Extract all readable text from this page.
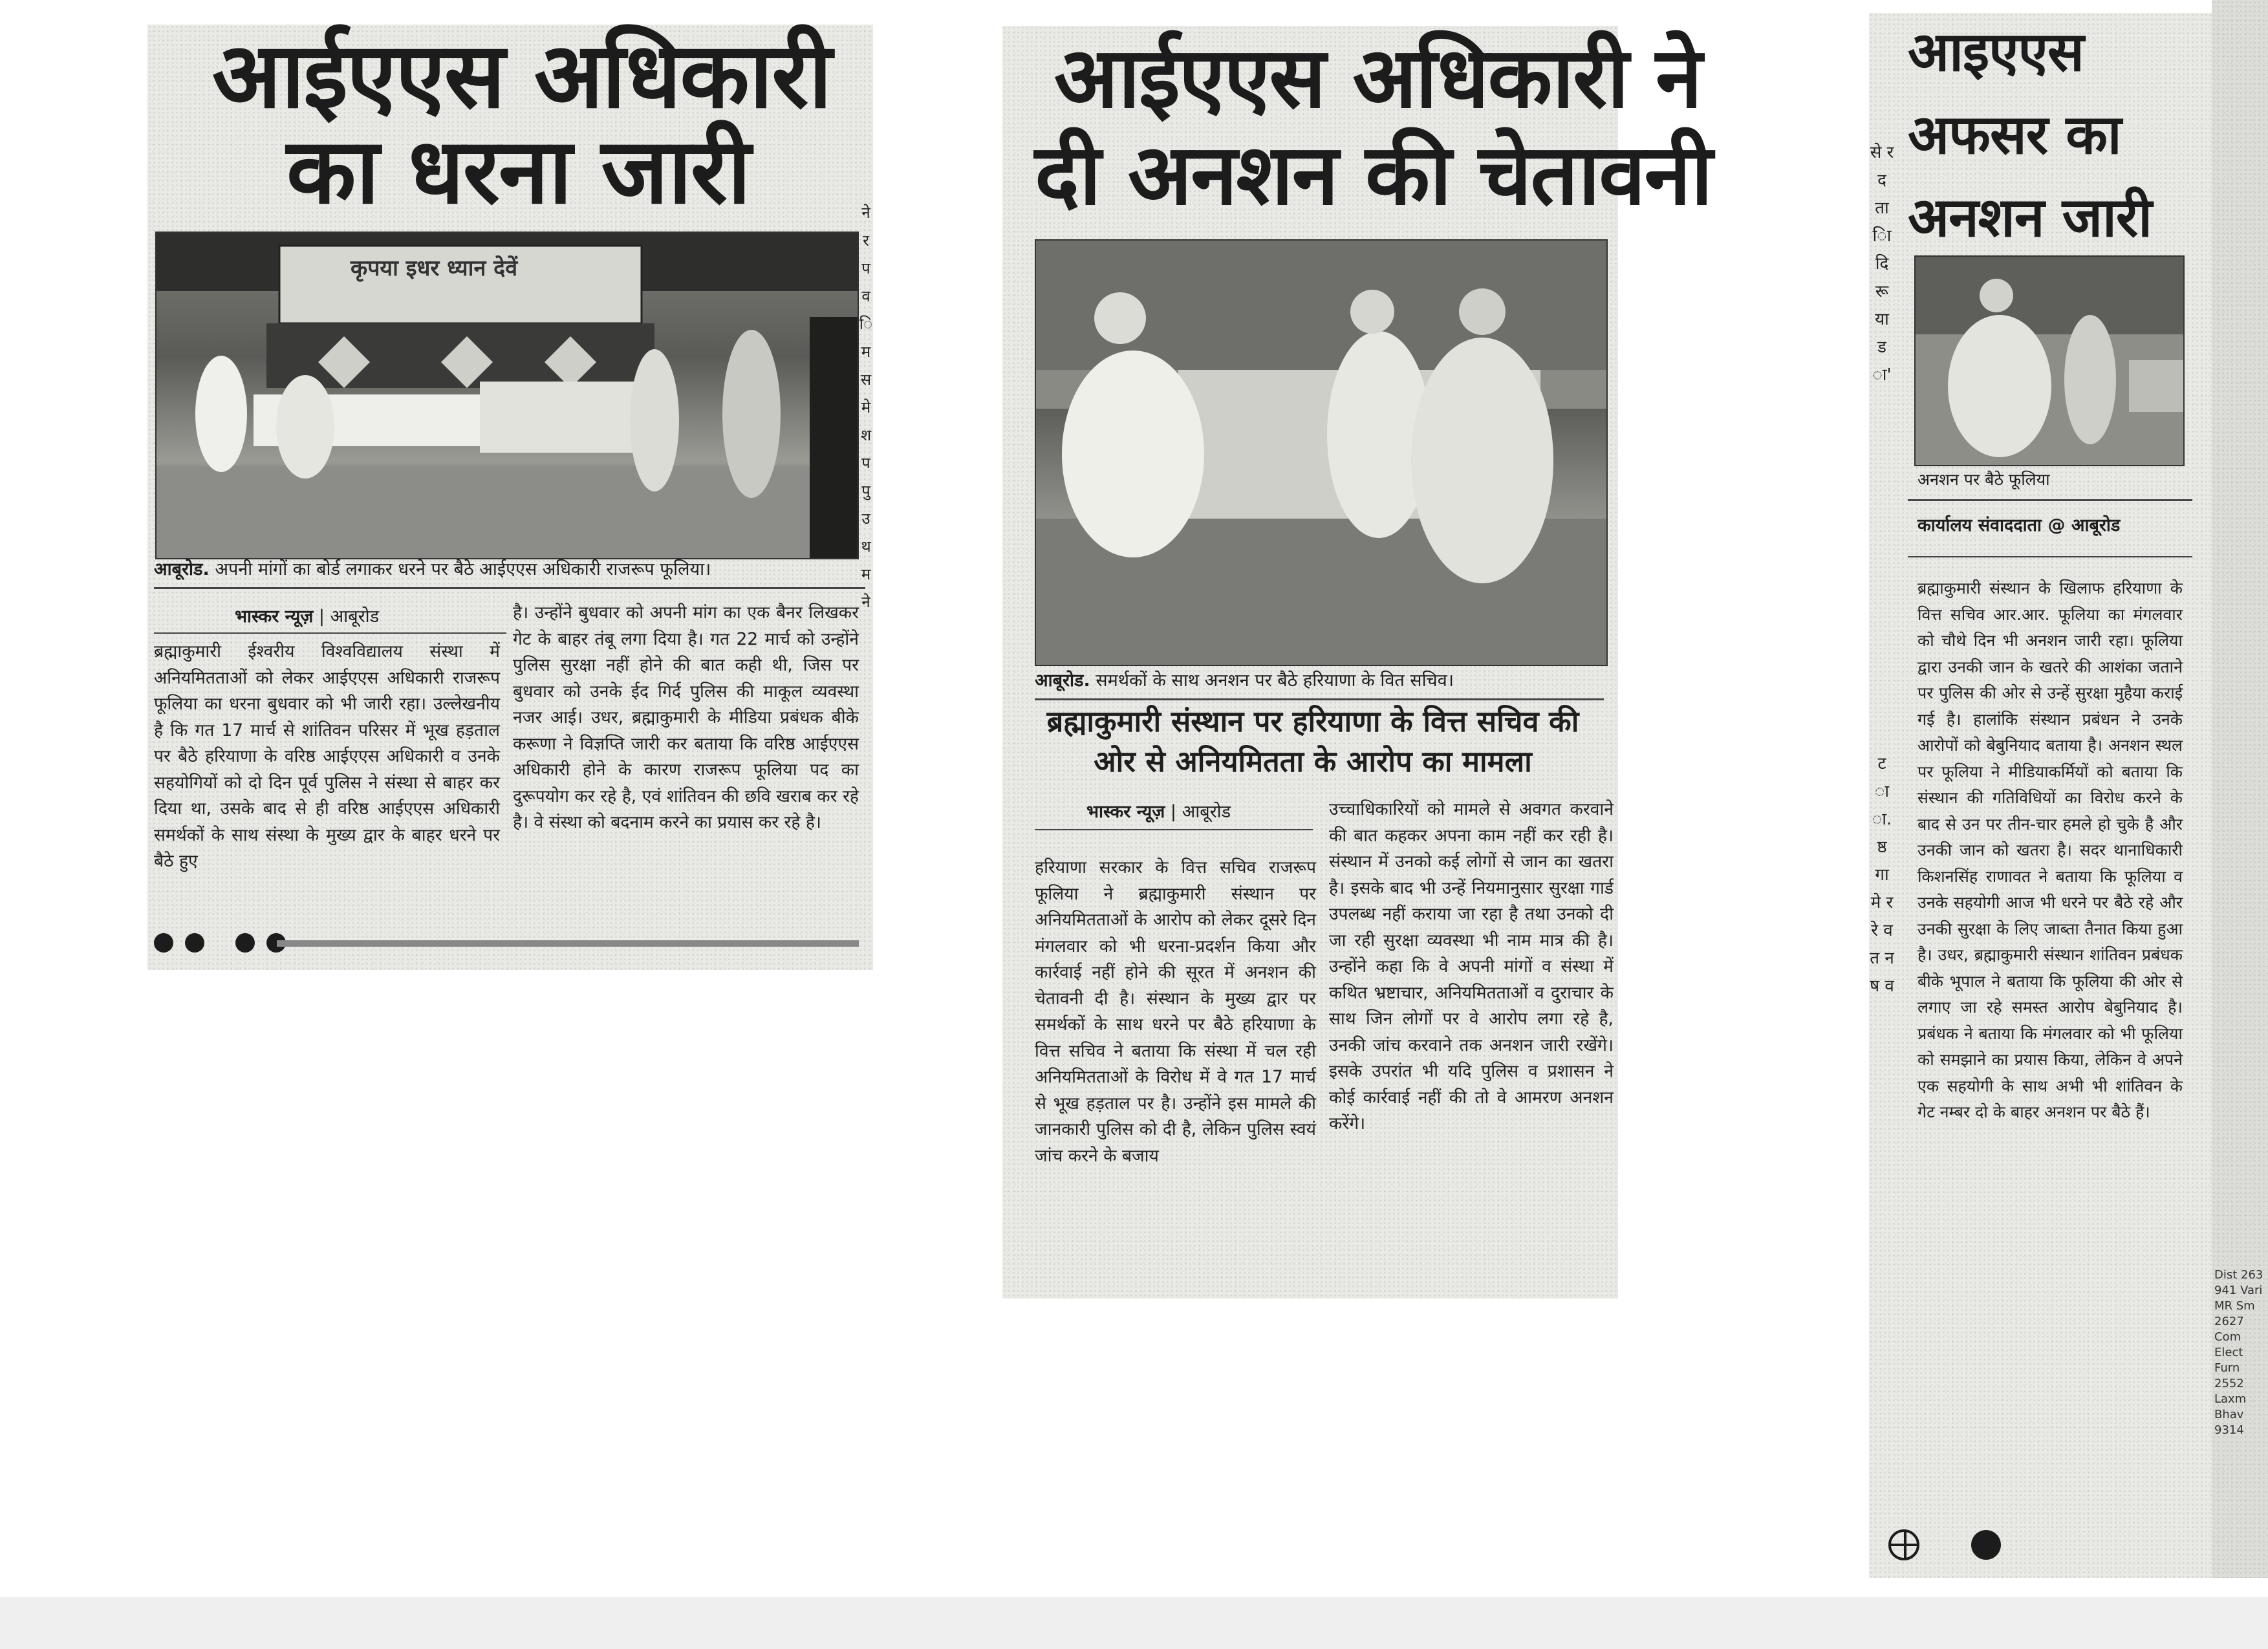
आईएएस अधिकारी
का धरना जारी
कृपया इधर ध्यान देवें
आबूरोड. अपनी मांगों का बोर्ड लगाकर धरने पर बैठे आईएएस अधिकारी राजरूप फूलिया।
भास्कर न्यूज़ | आबूरोड

ब्रह्माकुमारी ईश्वरीय विश्वविद्यालय संस्था में अनियमितताओं को लेकर आईएएस अधिकारी राजरूप फूलिया का धरना बुधवार को भी जारी रहा। उल्लेखनीय है कि गत 17 मार्च से शांतिवन परिसर में भूख हड़ताल पर बैठे हरियाणा के वरिष्ठ आईएएस अधिकारी व उनके सहयोगियों को दो दिन पूर्व पुलिस ने संस्था से बाहर कर दिया था, उसके बाद से ही वरिष्ठ आईएएस अधिकारी समर्थकों के साथ संस्था के मुख्य द्वार के बाहर धरने पर बैठे हुए

है। उन्होंने बुधवार को अपनी मांग का एक बैनर लिखकर गेट के बाहर तंबू लगा दिया है। गत 22 मार्च को उन्होंने पुलिस सुरक्षा नहीं होने की बात कही थी, जिस पर बुधवार को उनके ईद गिर्द पुलिस की माकूल व्यवस्था नजर आई। उधर, ब्रह्माकुमारी के मीडिया प्रबंधक बीके करूणा ने विज्ञप्ति जारी कर बताया कि वरिष्ठ आईएएस अधिकारी होने के कारण राजरूप फूलिया पद का दुरूपयोग कर रहे है, एवं शांतिवन की छवि खराब कर रहे है। वे संस्था को बदनाम करने का प्रयास कर रहे है।

ने र प व ि म स मे श प पु उ थ म ने
आईएएस अधिकारी ने
दी अनशन की चेतावनी
आबूरोड. समर्थकों के साथ अनशन पर बैठे हरियाणा के वित सचिव।

ब्रह्माकुमारी संस्थान पर हरियाणा के वित्त सचिव की ओर से अनियमितता के आरोप का मामला

भास्कर न्यूज़ | आबूरोड

हरियाणा सरकार के वित्त सचिव राजरूप फूलिया ने ब्रह्माकुमारी संस्थान पर अनियमितताओं के आरोप को लेकर दूसरे दिन मंगलवार को भी धरना-प्रदर्शन किया और कार्रवाई नहीं होने की सूरत में अनशन की चेतावनी दी है। संस्थान के मुख्य द्वार पर समर्थकों के साथ धरने पर बैठे हरियाणा के वित्त सचिव ने बताया कि संस्था में चल रही अनियमितताओं के विरोध में वे गत 17 मार्च से भूख हड़ताल पर है। उन्होंने इस मामले की जानकारी पुलिस को दी है, लेकिन पुलिस स्वयं जांच करने के बजाय

उच्चाधिकारियों को मामले से अवगत करवाने की बात कहकर अपना काम नहीं कर रही है। संस्थान में उनको कई लोगों से जान का खतरा है। इसके बाद भी उन्हें नियमानुसार सुरक्षा गार्ड उपलब्ध नहीं कराया जा रहा है तथा उनको दी जा रही सुरक्षा व्यवस्था भी नाम मात्र की है। उन्होंने कहा कि वे अपनी मांगों व संस्था में कथित भ्रष्टाचार, अनियमितताओं व दुराचार के साथ जिन लोगों पर वे आरोप लगा रहे है, उनकी जांच करवाने तक अनशन जारी रखेंगे। इसके उपरांत भी यदि पुलिस व प्रशासन ने कोई कार्रवाई नहीं की तो वे आमरण अनशन करेंगे।

आइएएस
अफसर का
अनशन जारी
से र द ता ाि दि रू या ड ा'
अनशन पर बैठे फूलिया
कार्यालय संवाददाता @ आबूरोड

ब्रह्माकुमारी संस्थान के खिलाफ हरियाणा के वित्त सचिव आर.आर. फूलिया का मंगलवार को चौथे दिन भी अनशन जारी रहा। फूलिया द्वारा उनकी जान के खतरे की आशंका जताने पर पुलिस की ओर से उन्हें सुरक्षा मुहैया कराई गई है। हालांकि संस्थान प्रबंधन ने उनके आरोपों को बेबुनियाद बताया है। अनशन स्थल पर फूलिया ने मीडियाकर्मियों को बताया कि संस्थान की गतिविधियों का विरोध करने के बाद से उन पर तीन-चार हमले हो चुके है और उनकी जान को खतरा है। सदर थानाधिकारी किशनसिंह राणावत ने बताया कि फूलिया व उनके सहयोगी आज भी धरने पर बैठे रहे और उनकी सुरक्षा के लिए जाब्ता तैनात किया हुआ है। उधर, ब्रह्माकुमारी संस्थान शांतिवन प्रबंधक बीके भूपाल ने बताया कि फूलिया की ओर से लगाए जा रहे समस्त आरोप बेबुनियाद है। प्रबंधक ने बताया कि मंगलवार को भी फूलिया को समझाने का प्रयास किया, लेकिन वे अपने एक सहयोगी के साथ अभी भी शांतिवन के गेट नम्बर दो के बाहर अनशन पर बैठे हैं।

ट ा ा. ष्ठ गा मे र रे व त न ष व
Dist 263 941 Vari MR Sm 2627 Com Elect Furn 2552 Laxm Bhav 9314
